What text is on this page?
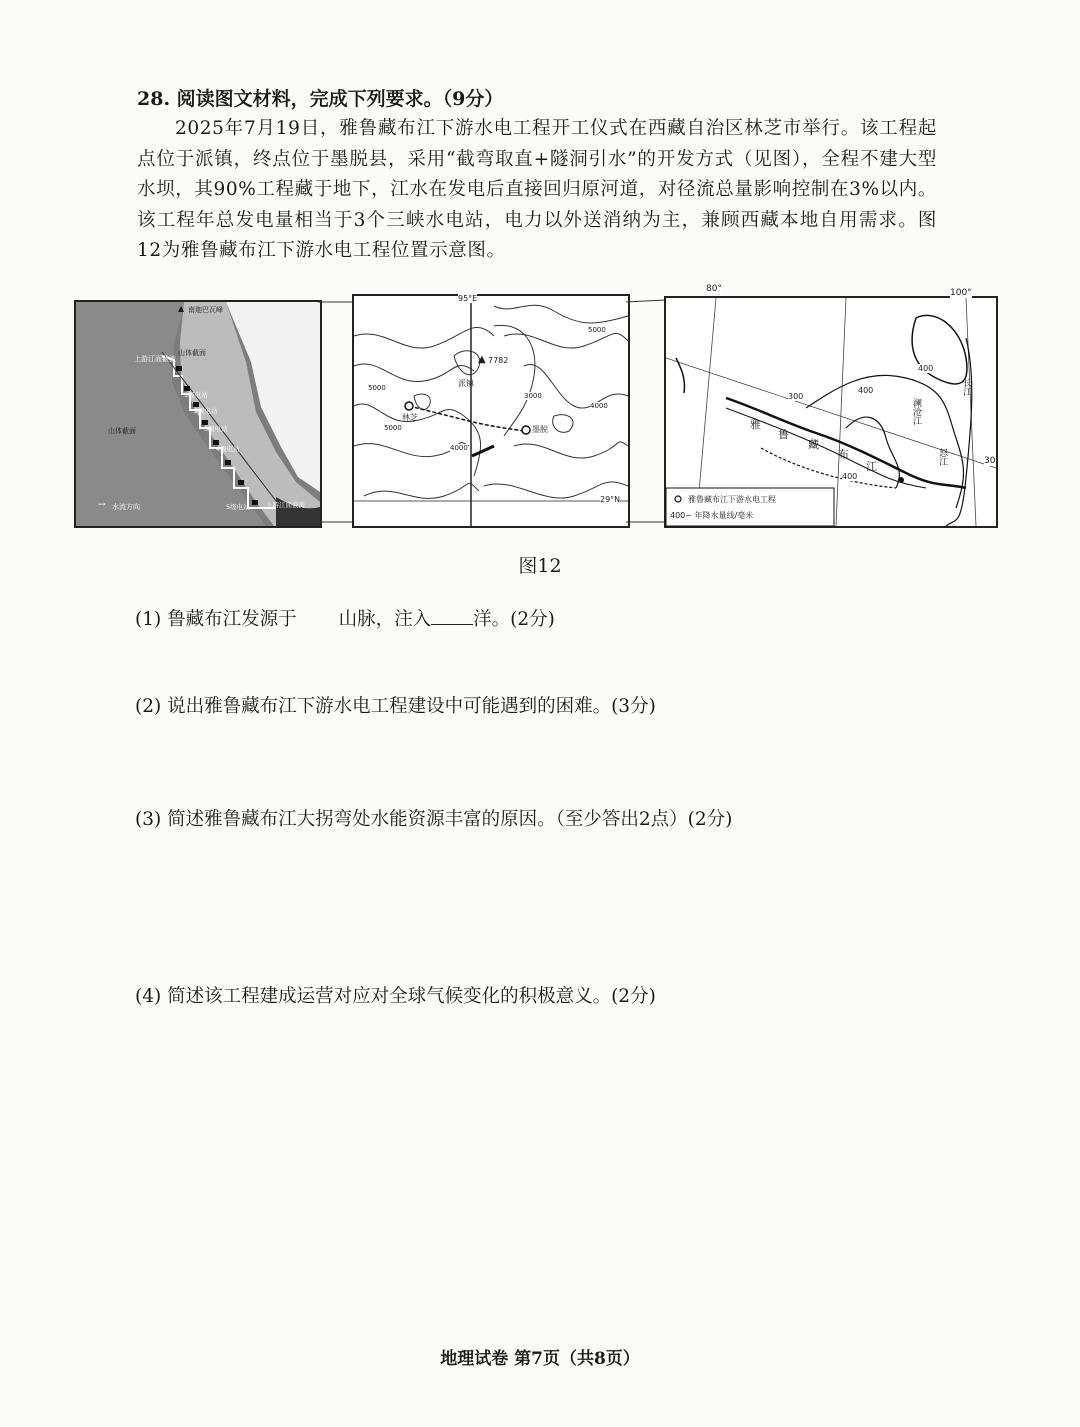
28. 阅读图文材料，完成下列要求。（9分）
2025年7月19日，雅鲁藏布江下游水电工程开工仪式在西藏自治区林芝市举行。该工程起点位于派镇，终点位于墨脱县，采用“截弯取直+隧洞引水”的开发方式（见图），全程不建大型水坝，其90%工程藏于地下，江水在发电后直接回归原河道，对径流总量影响控制在3%以内。该工程年总发电量相当于3个三峡水电站，电力以外送消纳为主，兼顾西藏本地自用需求。图12为雅鲁藏布江下游水电工程位置示意图。
▲ 南迦巴瓦峰
上游江面截流
山体截面
山体截面
1级电站
2级电站
3级电站
4级电站
5级电站	上游江面截流
→ 水流方向
95°E
29°N
▲ 7782
派镇
林芝
墨脱
5000
5000
5000
4000
4000
3000
80°	100°
30
300
400
400
400
雅
鲁
藏
布
江
澜沧江
怒江
长江
雅鲁藏布江下游水电工程
400~ 年降水量线/毫米
图12
(1) 鲁藏布江发源于 山脉，注入 洋。(2分)
(2) 说出雅鲁藏布江下游水电工程建设中可能遇到的困难。(3分)
(3) 简述雅鲁藏布江大拐弯处水能资源丰富的原因。（至少答出2点）(2分)
(4) 简述该工程建成运营对应对全球气候变化的积极意义。(2分)
地理试卷 第7页（共8页）
